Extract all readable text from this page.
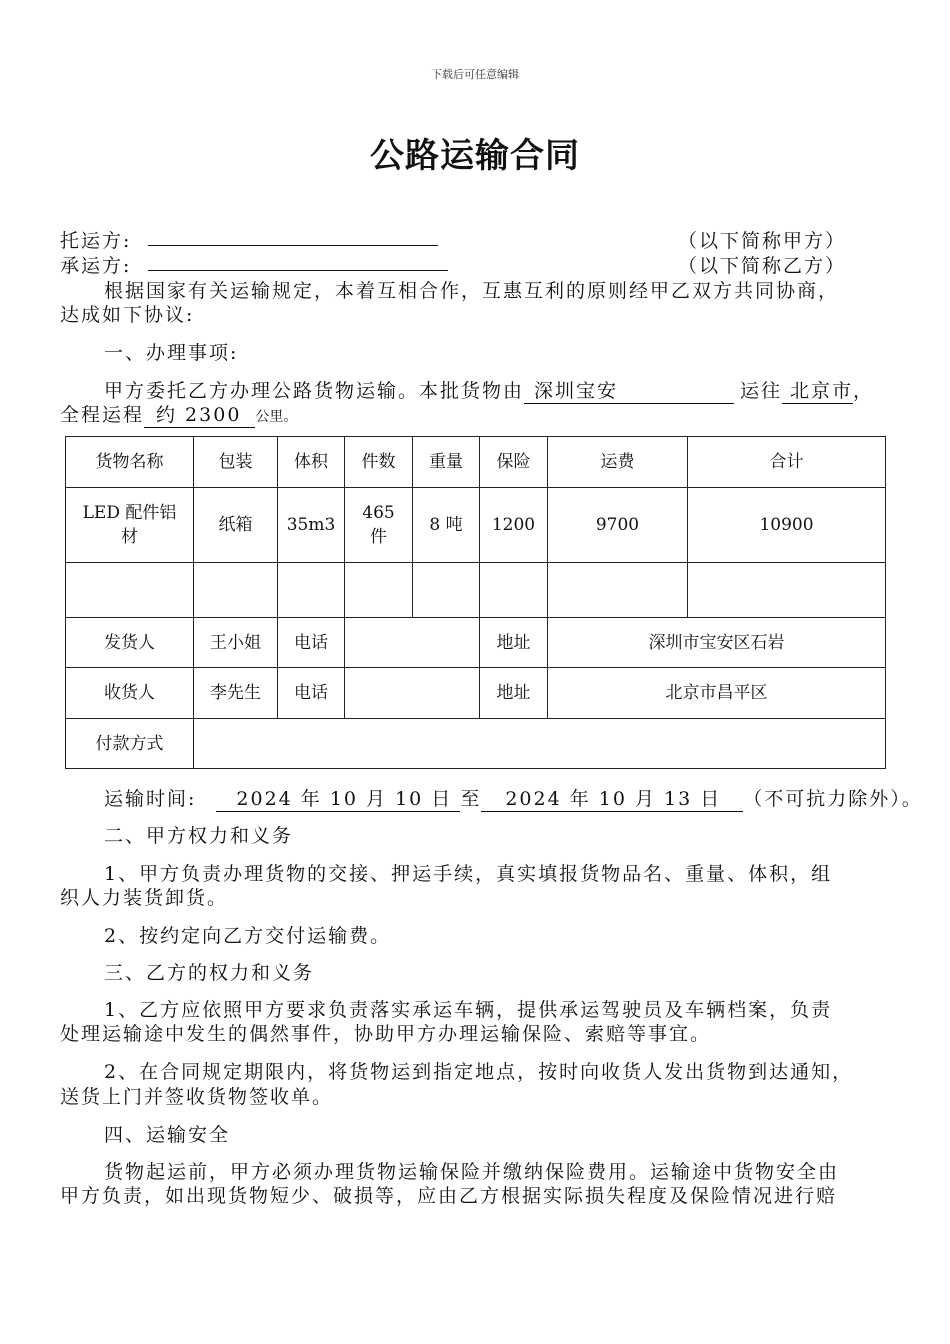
下载后可任意编辑
公路运输合同
托运方:	（以下简称甲方）
承运方:	（以下简称乙方）
根据国家有关运输规定，本着互相合作，互惠互利的原则经甲乙双方共同协商，
达成如下协议:
一、办理事项:
甲方委托乙方办理公路货物运输。本批货物由 深圳宝安	运往 北京市，
全程运程 约 2300 公里。
货物名称	包装	体积	件数	重量	保险	运费	合计
LED 配件铝材	纸箱	35m3	465件	8 吨	1200	9700	10900

发货人	王小姐	电话			地址	深圳市宝安区石岩	
收货人	李先生	电话			地址	北京市昌平区	
付款方式							
运输时间: 2024 年 10 月 10 日 至 2024 年 10 月 13 日 （不可抗力除外）。
二、甲方权力和义务
1、甲方负责办理货物的交接、押运手续，真实填报货物品名、重量、体积，组
织人力装货卸货。
2、按约定向乙方交付运输费。
三、乙方的权力和义务
1、乙方应依照甲方要求负责落实承运车辆，提供承运驾驶员及车辆档案，负责
处理运输途中发生的偶然事件，协助甲方办理运输保险、索赔等事宜。
2、在合同规定期限内，将货物运到指定地点，按时向收货人发出货物到达通知，
送货上门并签收货物签收单。
四、运输安全
货物起运前，甲方必须办理货物运输保险并缴纳保险费用。运输途中货物安全由
甲方负责，如出现货物短少、破损等，应由乙方根据实际损失程度及保险情况进行赔
